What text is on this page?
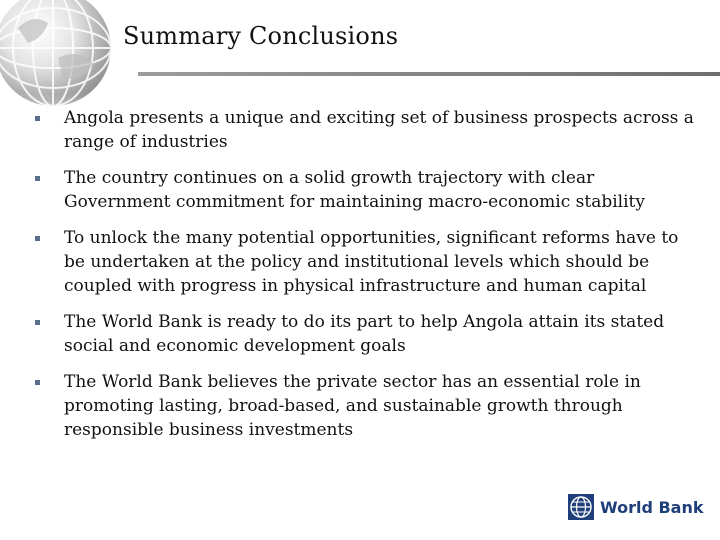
Summary Conclusions
Angola presents a unique and exciting set of business prospects across a range of industries
The country continues on a solid growth trajectory with clear Government commitment for maintaining macro-economic stability
To unlock the many potential opportunities, significant reforms have to be undertaken at the policy and institutional levels which should be coupled with progress in physical infrastructure and human capital
The World Bank is ready to do its part to help Angola attain its stated social and economic development goals
The World Bank believes the private sector has an essential role in promoting lasting, broad-based, and sustainable growth through responsible business investments
World Bank
